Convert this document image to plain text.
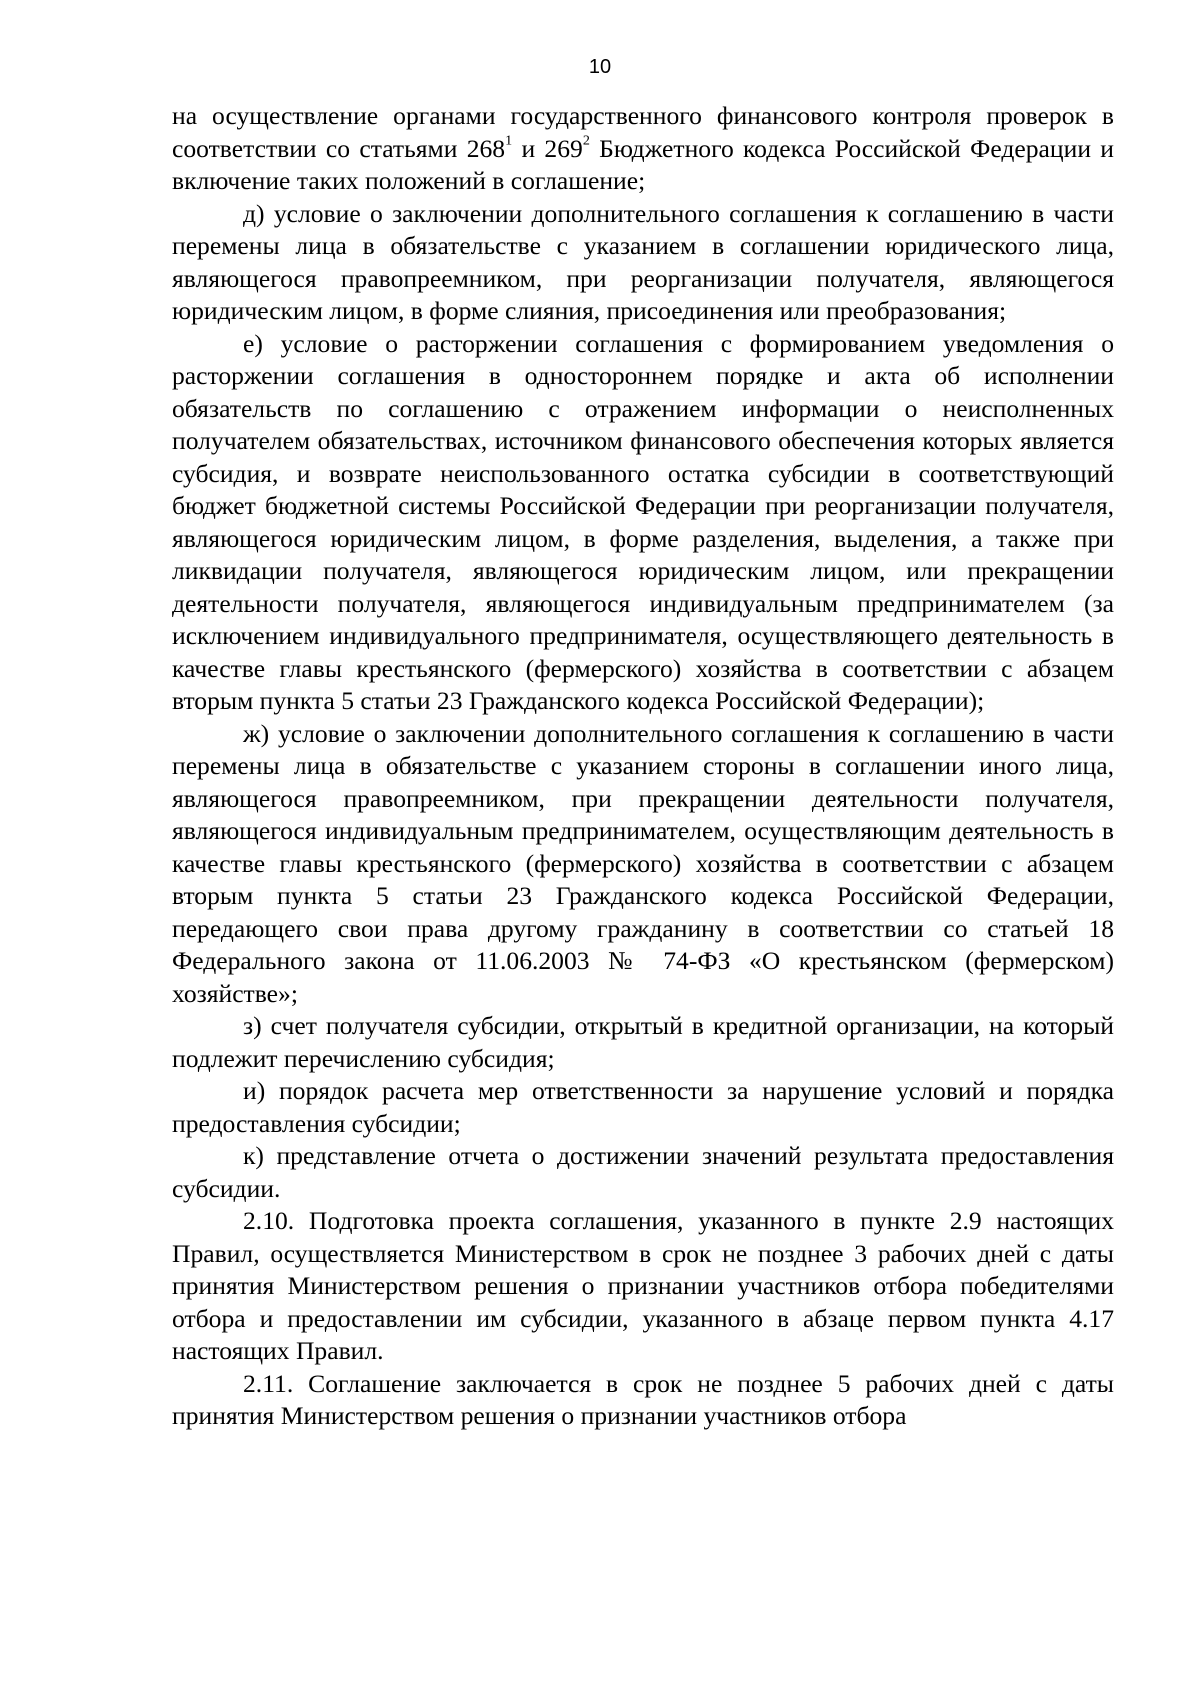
10

на осуществление органами государственного финансового контроля проверок в соответствии со статьями $268^1$ и $269^2$ Бюджетного кодекса Российской Федерации и включение таких положений в соглашение;

д) условие о заключении дополнительного соглашения к соглашению в части перемены лица в обязательстве с указанием в соглашении юридического лица, являющегося правопреемником, при реорганизации получателя, являющегося юридическим лицом, в форме слияния, присоединения или преобразования;

е) условие о расторжении соглашения с формированием уведомления о расторжении соглашения в одностороннем порядке и акта об исполнении обязательств по соглашению с отражением информации о неисполненных получателем обязательствах, источником финансового обеспечения которых является субсидия, и возврате неиспользованного остатка субсидии в соответствующий бюджет бюджетной системы Российской Федерации при реорганизации получателя, являющегося юридическим лицом, в форме разделения, выделения, а также при ликвидации получателя, являющегося юридическим лицом, или прекращении деятельности получателя, являющегося индивидуальным предпринимателем (за исключением индивидуального предпринимателя, осуществляющего деятельность в качестве главы крестьянского (фермерского) хозяйства в соответствии с абзацем вторым пункта 5 статьи 23 Гражданского кодекса Российской Федерации);

ж) условие о заключении дополнительного соглашения к соглашению в части перемены лица в обязательстве с указанием стороны в соглашении иного лица, являющегося правопреемником, при прекращении деятельности получателя, являющегося индивидуальным предпринимателем, осуществляющим деятельность в качестве главы крестьянского (фермерского) хозяйства в соответствии с абзацем вторым пункта 5 статьи 23 Гражданского кодекса Российской Федерации, передающего свои права другому гражданину в соответствии со статьей 18 Федерального закона от 11.06.2003 № 74-ФЗ «О крестьянском (фермерском) хозяйстве»;

з) счет получателя субсидии, открытый в кредитной организации, на который подлежит перечислению субсидия;

и) порядок расчета мер ответственности за нарушение условий и порядка предоставления субсидии;

к) представление отчета о достижении значений результата предоставления субсидии.

2.10. Подготовка проекта соглашения, указанного в пункте 2.9 настоящих Правил, осуществляется Министерством в срок не позднее 3 рабочих дней с даты принятия Министерством решения о признании участников отбора победителями отбора и предоставлении им субсидии, указанного в абзаце первом пункта 4.17 настоящих Правил.

2.11. Соглашение заключается в срок не позднее 5 рабочих дней с даты принятия Министерством решения о признании участников отбора
